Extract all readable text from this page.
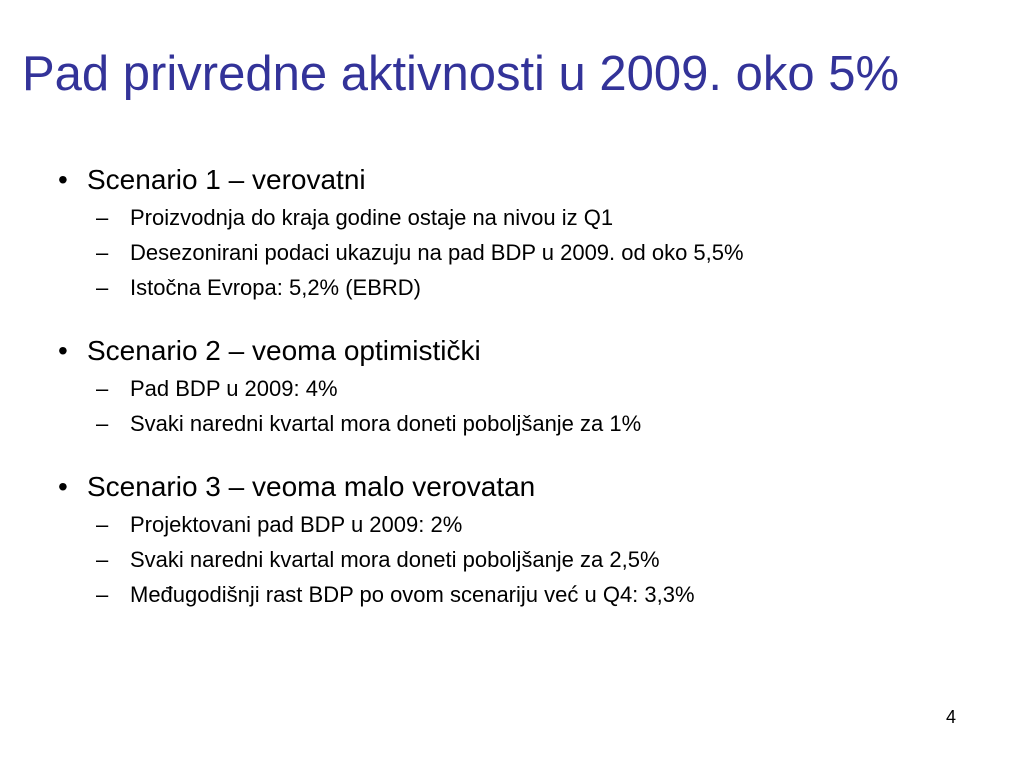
Pad privredne aktivnosti u 2009. oko 5%
• Scenario 1 – verovatni
– Proizvodnja do kraja godine ostaje na nivou iz Q1
– Desezonirani podaci ukazuju na pad BDP u 2009. od oko 5,5%
– Istočna Evropa: 5,2% (EBRD)
• Scenario 2 – veoma optimistički
– Pad BDP u 2009: 4%
– Svaki naredni kvartal mora doneti poboljšanje za 1%
• Scenario 3 – veoma malo verovatan
– Projektovani pad BDP u 2009: 2%
– Svaki naredni kvartal mora doneti poboljšanje za 2,5%
– Međugodišnji rast BDP po ovom scenariju već u Q4: 3,3%
4
